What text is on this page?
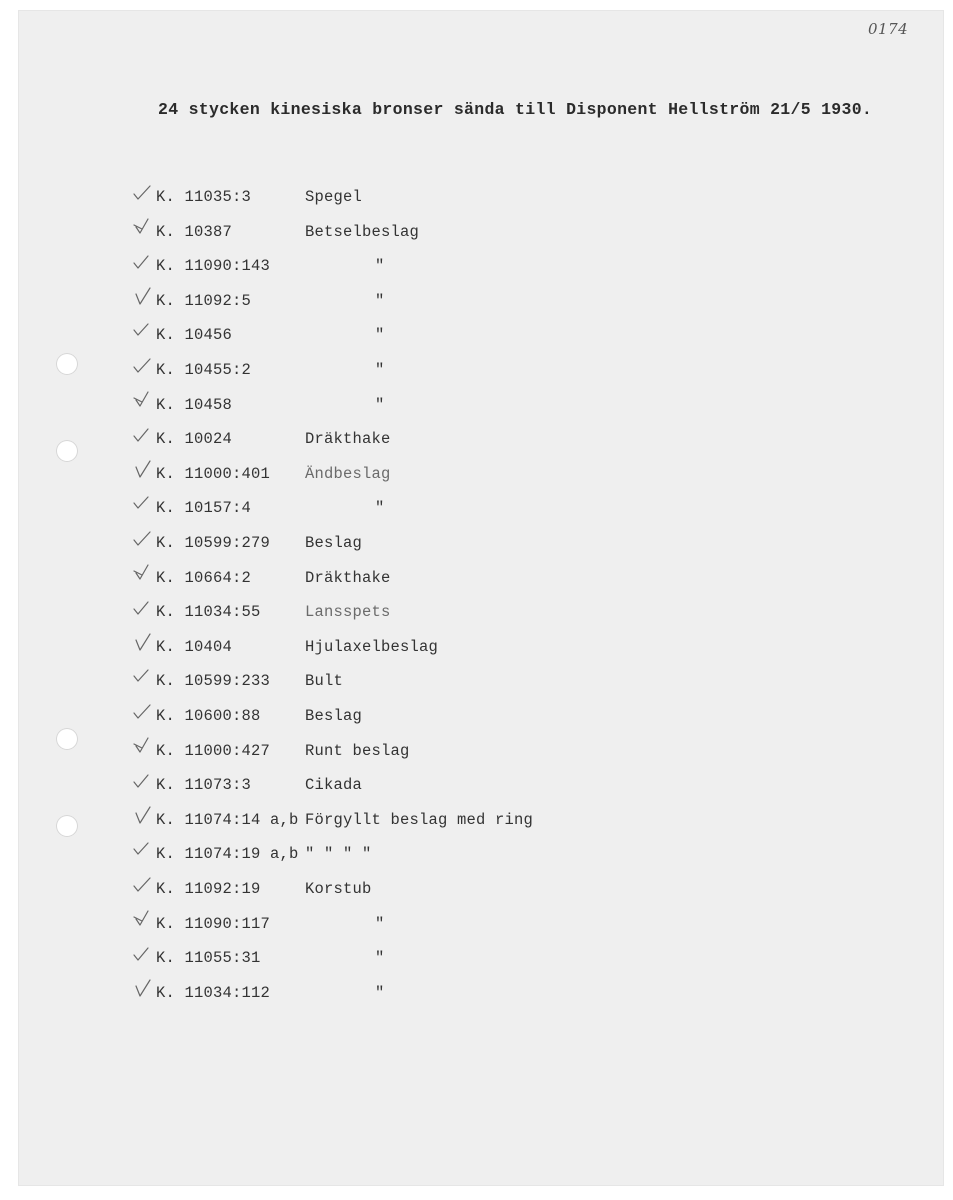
0174
24 stycken kinesiska bronser sända till Disponent Hellström 21/5 1930.
K. 11035:3	Spegel
K. 10387	Betselbeslag
K. 11090:143	"
K. 11092:5	"
K. 10456	"
K. 10455:2	"
K. 10458	"
K. 10024	Dräkthake
K. 11000:401 Ändbeslag
K. 10157:4	"
K. 10599:279 Beslag
K. 10664:2	Dräkthake
K. 11034:55	Lansspets
K. 10404	Hjulaxelbeslag
K. 10599:233 Bult
K. 10600:88	Beslag
K. 11000:427 Runt beslag
K. 11073:3	Cikada
K. 11074:14 a,b Förgyllt beslag med ring
K. 11074:19 a,b " " " "
K. 11092:19	Korstub
K. 11090:117	"
K. 11055:31	"
K. 11034:112	"
